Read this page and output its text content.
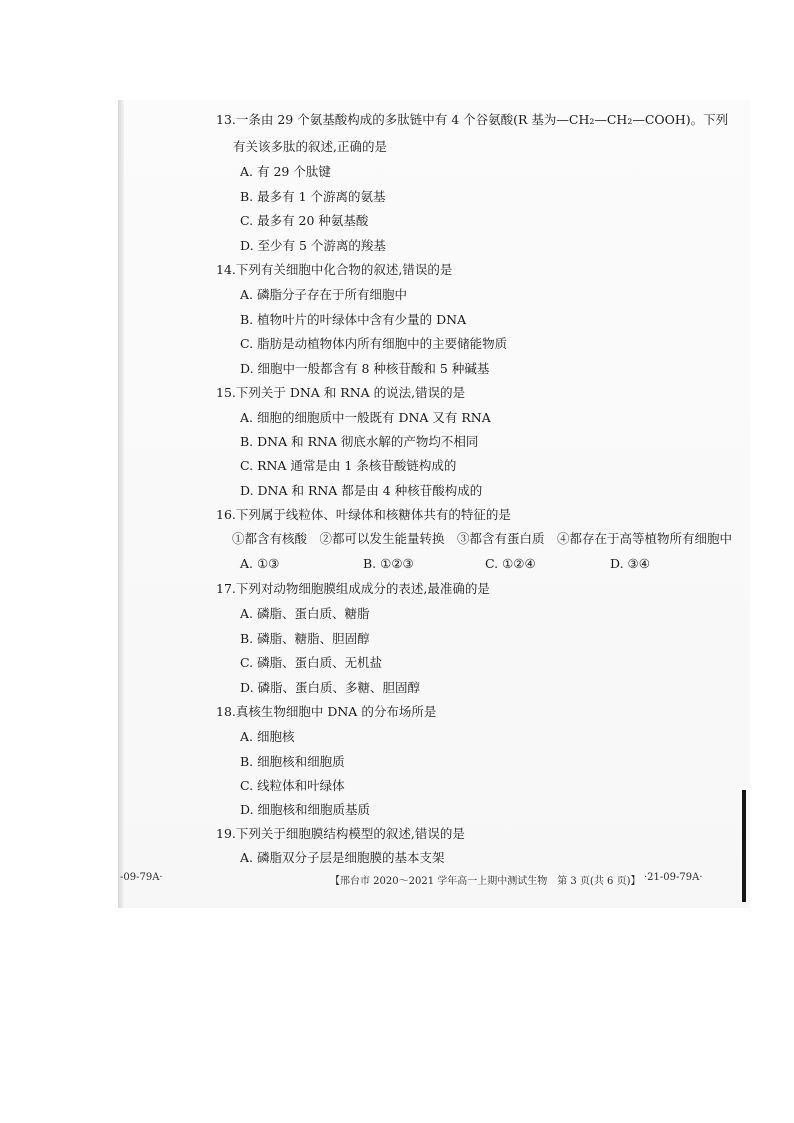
13.一条由 29 个氨基酸构成的多肽链中有 4 个谷氨酸(R 基为—CH₂—CH₂—COOH)。下列
有关该多肽的叙述,正确的是
A. 有 29 个肽键
B. 最多有 1 个游离的氨基
C. 最多有 20 种氨基酸
D. 至少有 5 个游离的羧基
14.下列有关细胞中化合物的叙述,错误的是
A. 磷脂分子存在于所有细胞中
B. 植物叶片的叶绿体中含有少量的 DNA
C. 脂肪是动植物体内所有细胞中的主要储能物质
D. 细胞中一般都含有 8 种核苷酸和 5 种碱基
15.下列关于 DNA 和 RNA 的说法,错误的是
A. 细胞的细胞质中一般既有 DNA 又有 RNA
B. DNA 和 RNA 彻底水解的产物均不相同
C. RNA 通常是由 1 条核苷酸链构成的
D. DNA 和 RNA 都是由 4 种核苷酸构成的
16.下列属于线粒体、叶绿体和核糖体共有的特征的是
①都含有核酸　②都可以发生能量转换　③都含有蛋白质　④都存在于高等植物所有细胞中
A. ①③	B. ①②③	C. ①②④	D. ③④
17.下列对动物细胞膜组成成分的表述,最准确的是
A. 磷脂、蛋白质、糖脂
B. 磷脂、糖脂、胆固醇
C. 磷脂、蛋白质、无机盐
D. 磷脂、蛋白质、多糖、胆固醇
18.真核生物细胞中 DNA 的分布场所是
A. 细胞核
B. 细胞核和细胞质
C. 线粒体和叶绿体
D. 细胞核和细胞质基质
19.下列关于细胞膜结构模型的叙述,错误的是
A. 磷脂双分子层是细胞膜的基本支架
-09-79A·	【邢台市 2020～2021 学年高一上期中测试生物　第 3 页(共 6 页)】 ·21-09-79A·
